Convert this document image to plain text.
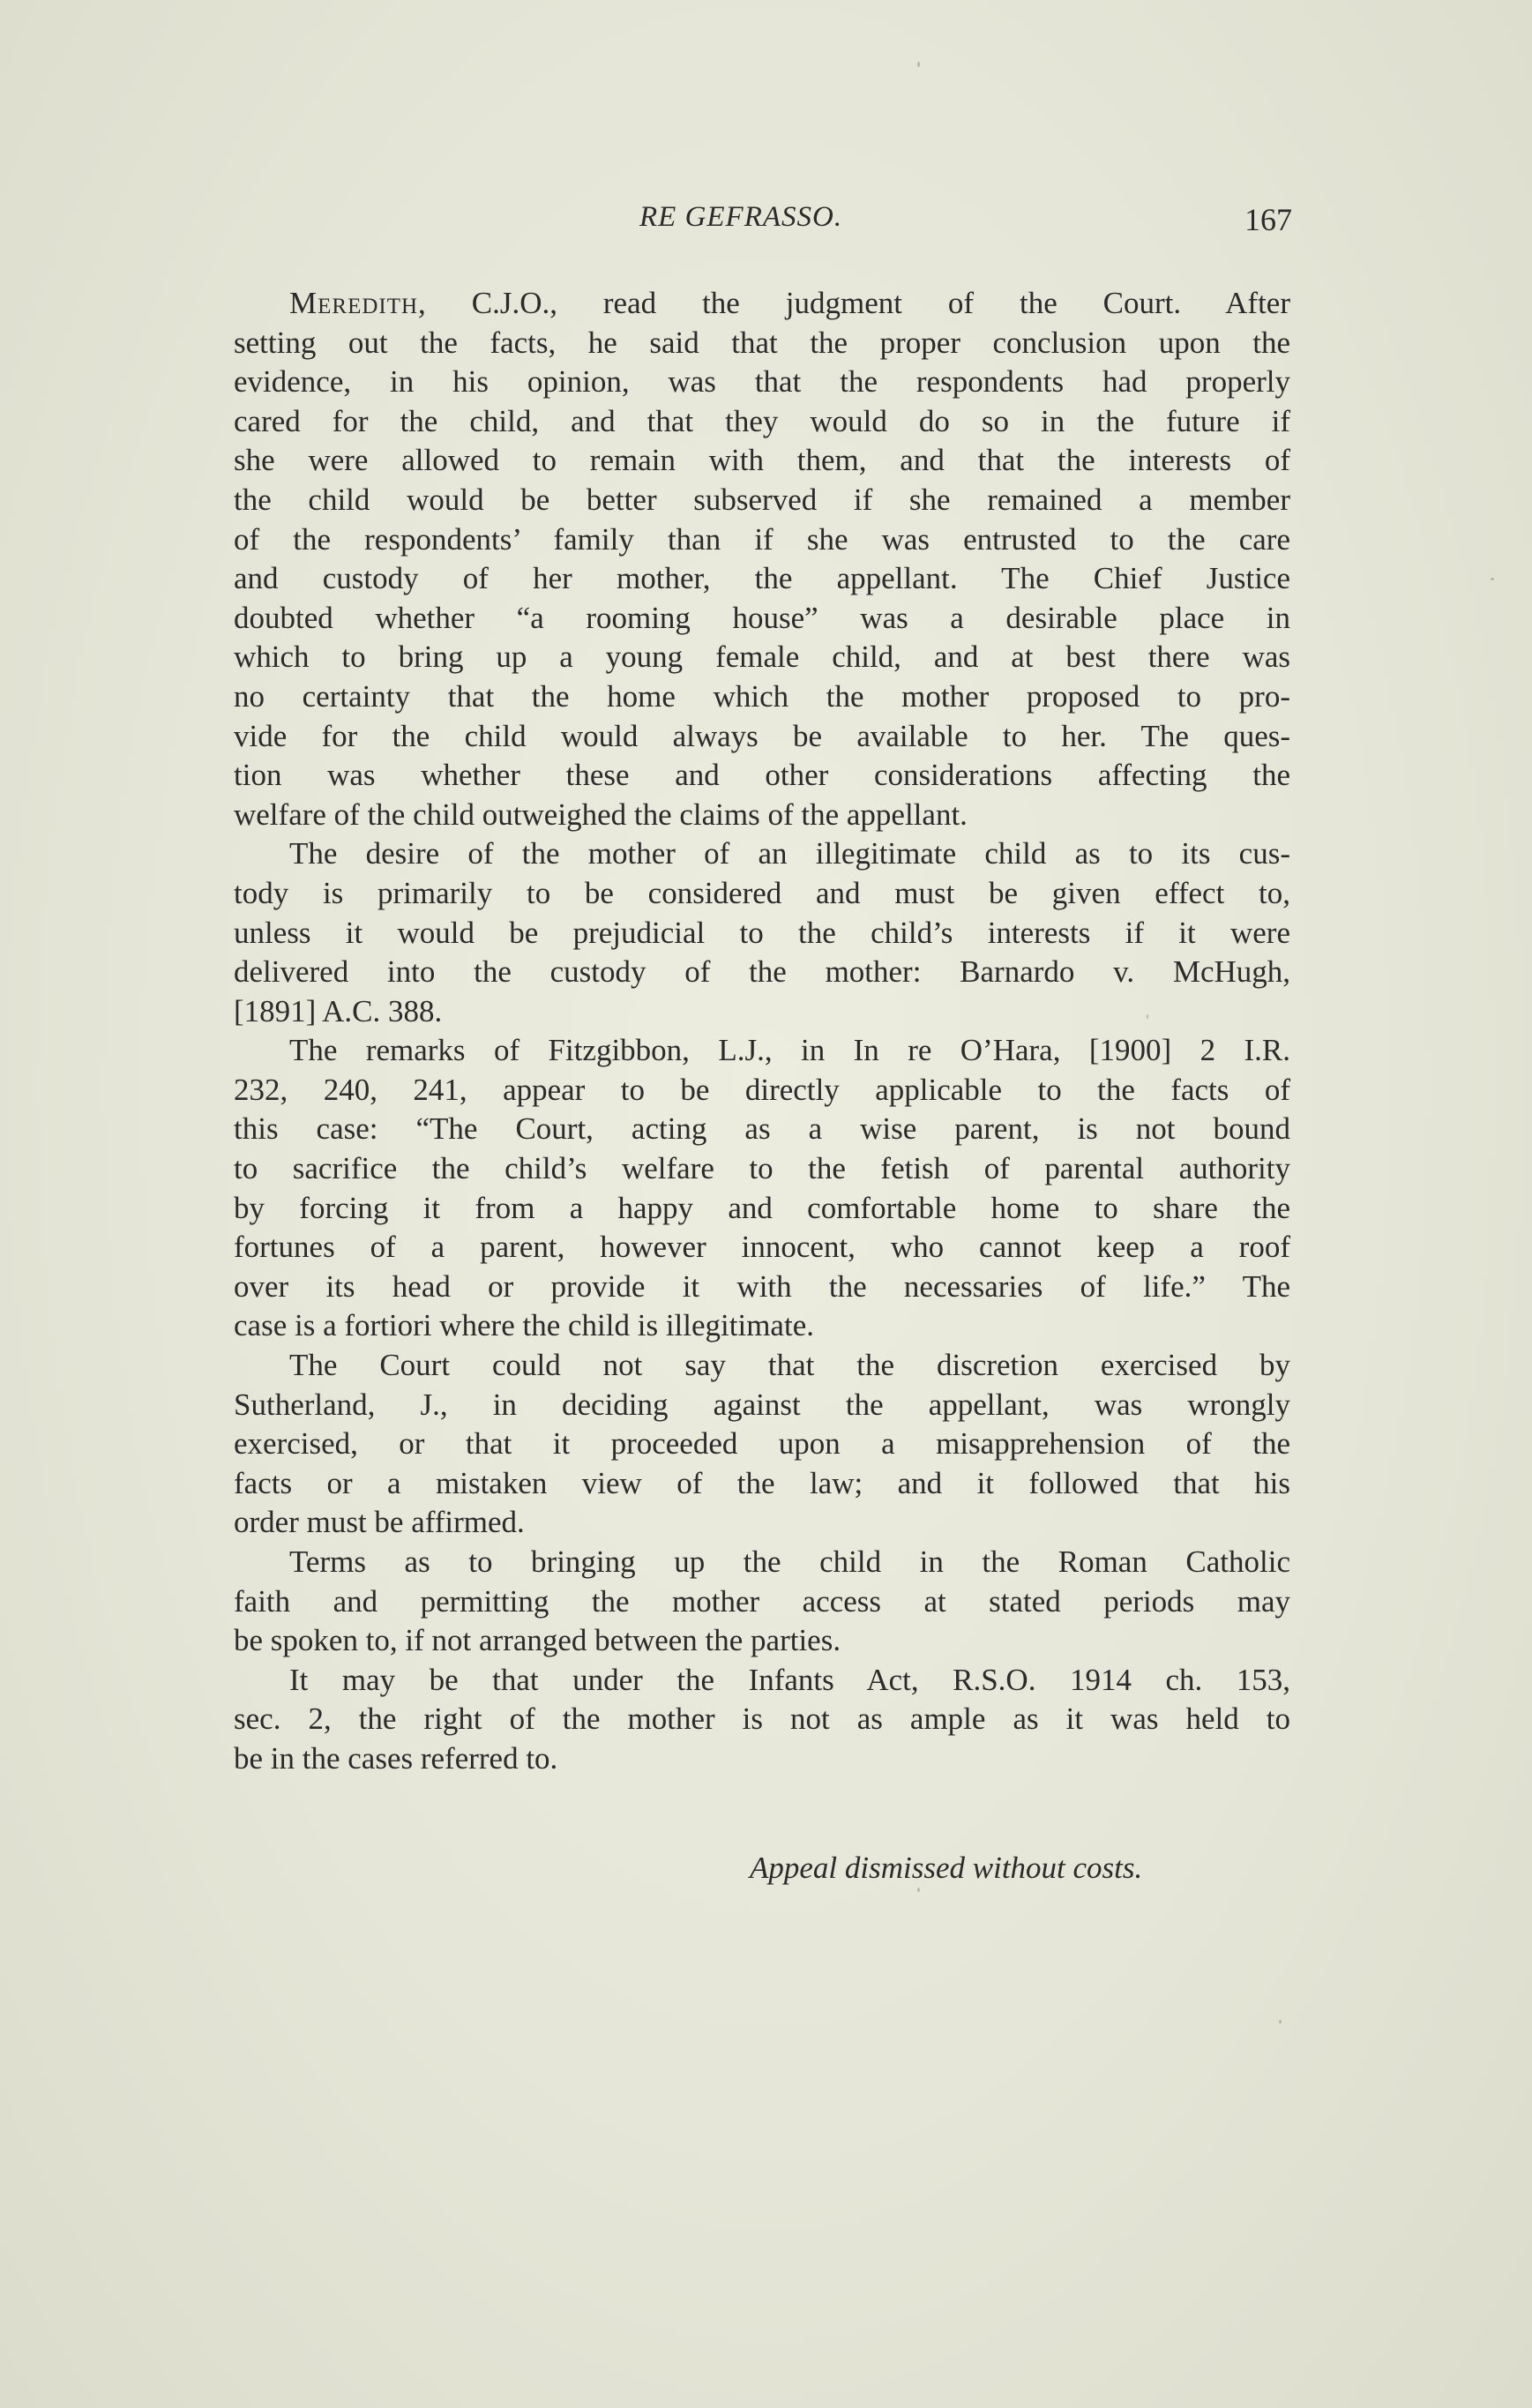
RE GEFRASSO.	167
Meredith, C.J.O., read the judgment of the Court. After
setting out the facts, he said that the proper conclusion upon the
evidence, in his opinion, was that the respondents had properly
cared for the child, and that they would do so in the future if
she were allowed to remain with them, and that the interests of
the child would be better subserved if she remained a member
of the respondents’ family than if she was entrusted to the care
and custody of her mother, the appellant. The Chief Justice
doubted whether “a rooming house” was a desirable place in
which to bring up a young female child, and at best there was
no certainty that the home which the mother proposed to pro-
vide for the child would always be available to her. The ques-
tion was whether these and other considerations affecting the
welfare of the child outweighed the claims of the appellant.
The desire of the mother of an illegitimate child as to its cus-
tody is primarily to be considered and must be given effect to,
unless it would be prejudicial to the child’s interests if it were
delivered into the custody of the mother: Barnardo v. McHugh,
[1891] A.C. 388.
The remarks of Fitzgibbon, L.J., in In re O’Hara, [1900] 2 I.R.
232, 240, 241, appear to be directly applicable to the facts of
this case: “The Court, acting as a wise parent, is not bound
to sacrifice the child’s welfare to the fetish of parental authority
by forcing it from a happy and comfortable home to share the
fortunes of a parent, however innocent, who cannot keep a roof
over its head or provide it with the necessaries of life.” The
case is a fortiori where the child is illegitimate.
The Court could not say that the discretion exercised by
Sutherland, J., in deciding against the appellant, was wrongly
exercised, or that it proceeded upon a misapprehension of the
facts or a mistaken view of the law; and it followed that his
order must be affirmed.
Terms as to bringing up the child in the Roman Catholic
faith and permitting the mother access at stated periods may
be spoken to, if not arranged between the parties.
It may be that under the Infants Act, R.S.O. 1914 ch. 153,
sec. 2, the right of the mother is not as ample as it was held to
be in the cases referred to.
Appeal dismissed without costs.
